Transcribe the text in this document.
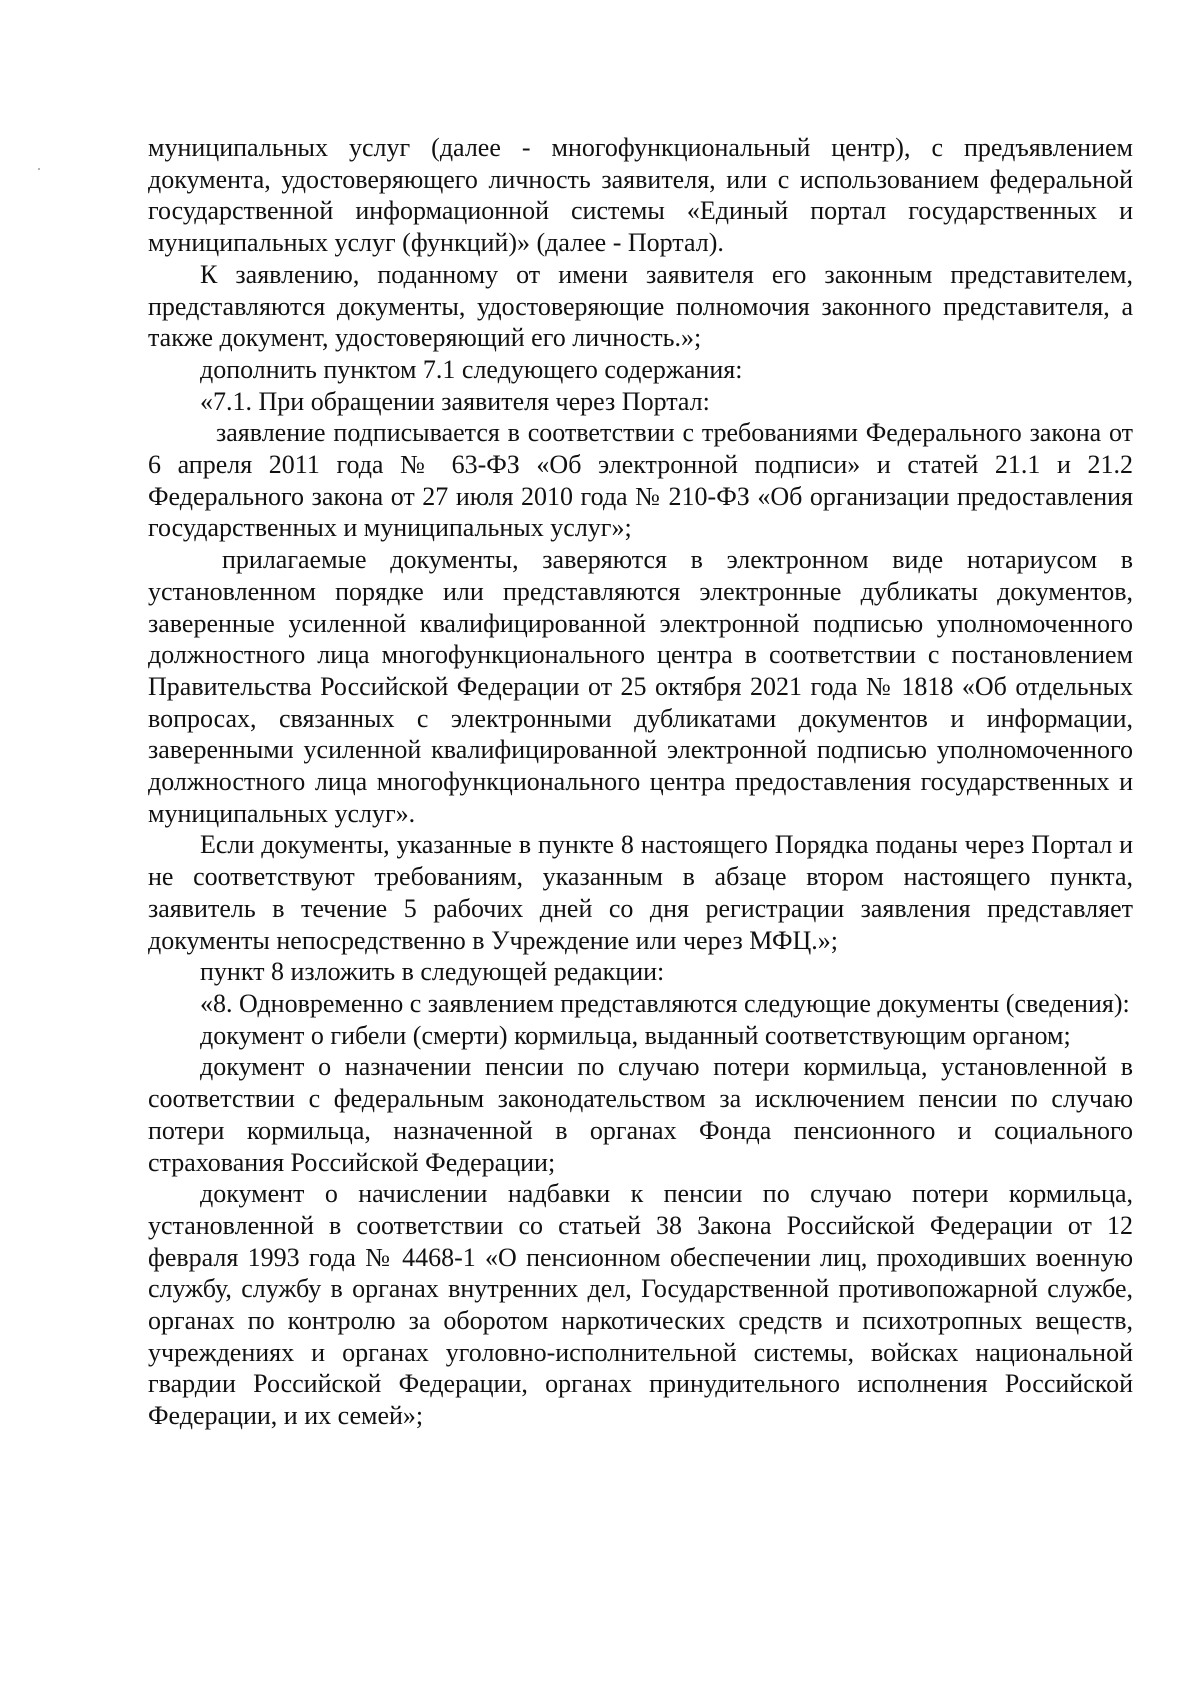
муниципальных услуг (далее - многофункциональный центр), с предъявлением документа, удостоверяющего личность заявителя, или с использованием федеральной государственной информационной системы «Единый портал государственных и муниципальных услуг (функций)» (далее - Портал).

К заявлению, поданному от имени заявителя его законным представителем, представляются документы, удостоверяющие полномочия законного представителя, а также документ, удостоверяющий его личность.»;

дополнить пунктом 7.1 следующего содержания:

«7.1. При обращении заявителя через Портал:

заявление подписывается в соответствии с требованиями Федерального закона от 6 апреля 2011 года № 63-ФЗ «Об электронной подписи» и статей 21.1 и 21.2 Федерального закона от 27 июля 2010 года № 210-ФЗ «Об организации предоставления государственных и муниципальных услуг»;

прилагаемые документы, заверяются в электронном виде нотариусом в установленном порядке или представляются электронные дубликаты документов, заверенные усиленной квалифицированной электронной подписью уполномоченного должностного лица многофункционального центра в соответствии с постановлением Правительства Российской Федерации от 25 октября 2021 года № 1818 «Об отдельных вопросах, связанных с электронными дубликатами документов и информации, заверенными усиленной квалифицированной электронной подписью уполномоченного должностного лица многофункционального центра предоставления государственных и муниципальных услуг».

Если документы, указанные в пункте 8 настоящего Порядка поданы через Портал и не соответствуют требованиям, указанным в абзаце втором настоящего пункта, заявитель в течение 5 рабочих дней со дня регистрации заявления представляет документы непосредственно в Учреждение или через МФЦ.»;

пункт 8 изложить в следующей редакции:

«8. Одновременно с заявлением представляются следующие документы (сведения):

документ о гибели (смерти) кормильца, выданный соответствующим органом;

документ о назначении пенсии по случаю потери кормильца, установленной в соответствии с федеральным законодательством за исключением пенсии по случаю потери кормильца, назначенной в органах Фонда пенсионного и социального страхования Российской Федерации;

документ о начислении надбавки к пенсии по случаю потери кормильца, установленной в соответствии со статьей 38 Закона Российской Федерации от 12 февраля 1993 года № 4468-1 «О пенсионном обеспечении лиц, проходивших военную службу, службу в органах внутренних дел, Государственной противопожарной службе, органах по контролю за оборотом наркотических средств и психотропных веществ, учреждениях и органах уголовно-исполнительной системы, войсках национальной гвардии Российской Федерации, органах принудительного исполнения Российской Федерации, и их семей»;
